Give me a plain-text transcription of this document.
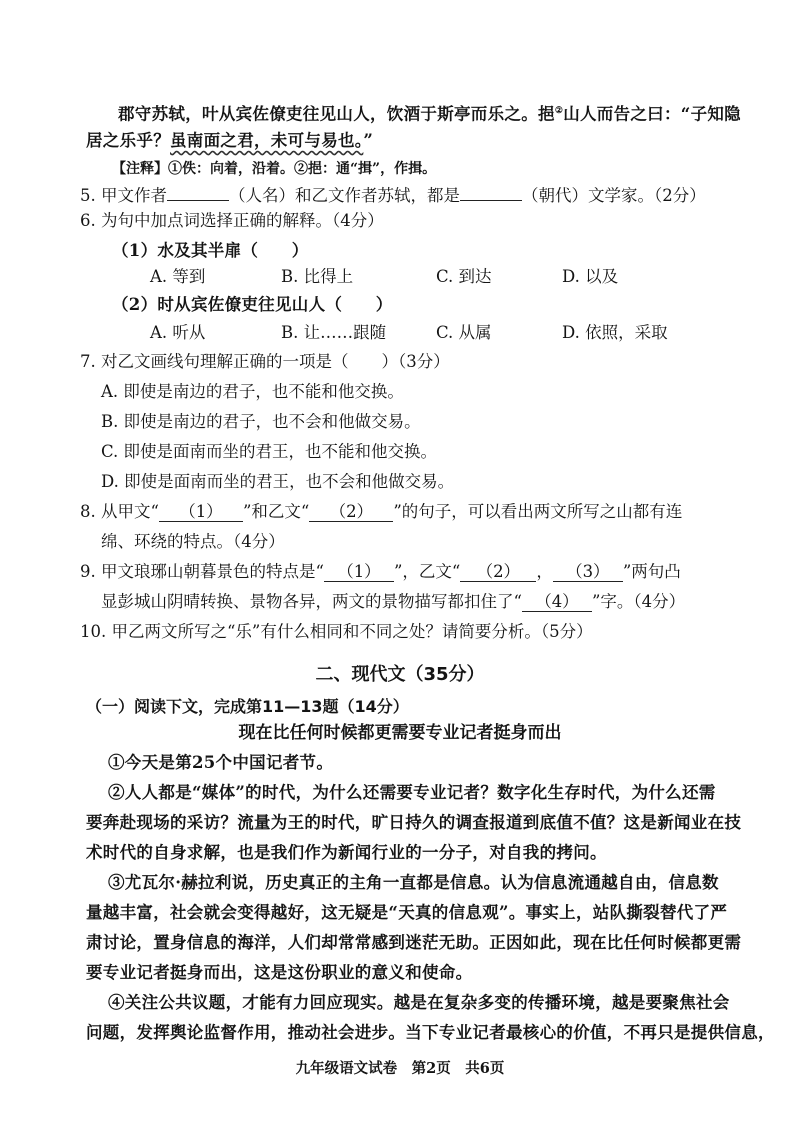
郡守苏轼，叶从宾佐僚吏往见山人，饮酒于斯亭而乐之。挹②山人而告之曰：“子知隐
居之乐乎？虽南面之君，未可与易也。”
【注释】①佚：向着，沿着。②挹：通“揖”，作揖。
5. 甲文作者	（人名）和乙文作者苏轼，都是	（朝代）文学家。（2分）
6. 为句中加点词选择正确的解释。（4分）
（1）水及其半扉（　　）
A. 等到	B. 比得上	C. 到达	D. 以及
（2）时从宾佐僚吏往见山人（　　）
A. 听从	B. 让……跟随	C. 从属	D. 依照，采取
7. 对乙文画线句理解正确的一项是（　　）（3分）
A. 即使是南边的君子，也不能和他交换。
B. 即使是南边的君子，也不会和他做交易。
C. 即使是面南而坐的君王，也不能和他交换。
D. 即使是面南而坐的君王，也不会和他做交易。
8. 从甲文“ （1） ”和乙文“ （2） ”的句子，可以看出两文所写之山都有连
绵、环绕的特点。（4分）
9. 甲文琅琊山朝暮景色的特点是“ （1） ”，乙文“ （2） ， （3） ”两句凸
显彭城山阴晴转换、景物各异，两文的景物描写都扣住了“ （4） ”字。（4分）
10. 甲乙两文所写之“乐”有什么相同和不同之处？请简要分析。（5分）
二、现代文（35分）
（一）阅读下文，完成第11—13题（14分）
现在比任何时候都更需要专业记者挺身而出
①今天是第25个中国记者节。
②人人都是“媒体”的时代，为什么还需要专业记者？数字化生存时代，为什么还需
要奔赴现场的采访？流量为王的时代，旷日持久的调查报道到底值不值？这是新闻业在技
术时代的自身求解，也是我们作为新闻行业的一分子，对自我的拷问。
③尤瓦尔·赫拉利说，历史真正的主角一直都是信息。认为信息流通越自由，信息数
量越丰富，社会就会变得越好，这无疑是“天真的信息观”。事实上，站队撕裂替代了严
肃讨论，置身信息的海洋，人们却常常感到迷茫无助。正因如此，现在比任何时候都更需
要专业记者挺身而出，这是这份职业的意义和使命。
④关注公共议题，才能有力回应现实。越是在复杂多变的传播环境，越是要聚焦社会
问题，发挥舆论监督作用，推动社会进步。当下专业记者最核心的价值，不再只是提供信息，
九年级语文试卷　第2页　共6页
